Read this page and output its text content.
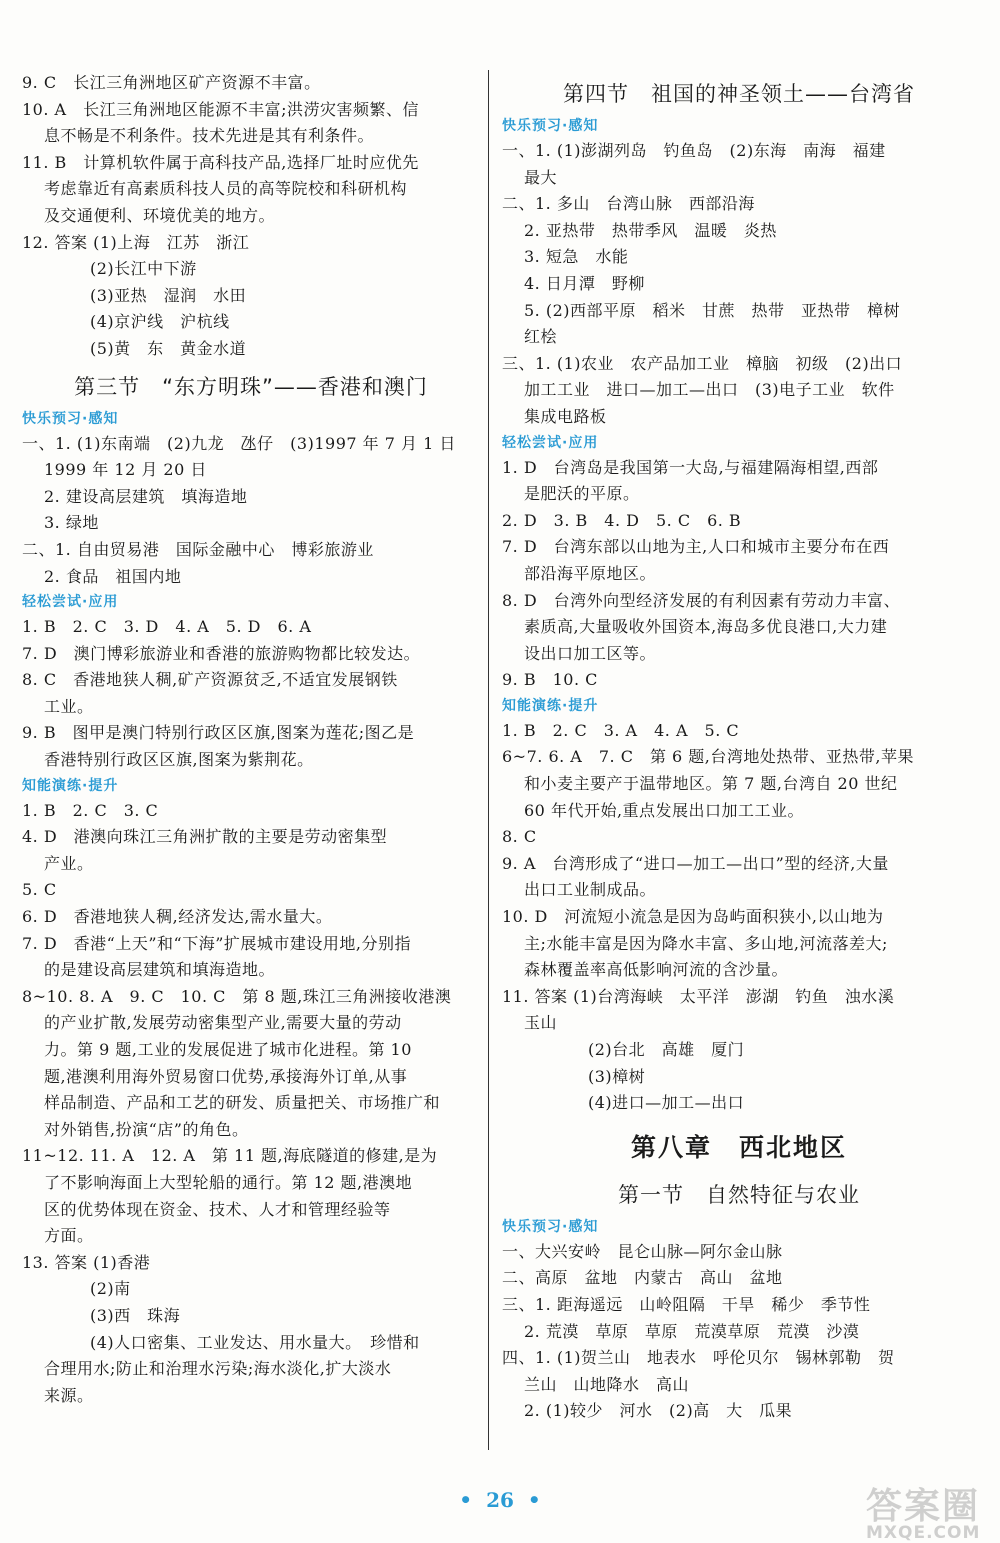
9. C　长江三角洲地区矿产资源不丰富。
10. A　长江三角洲地区能源不丰富;洪涝灾害频繁、信
息不畅是不利条件。技术先进是其有利条件。
11. B　计算机软件属于高科技产品,选择厂址时应优先
考虑靠近有高素质科技人员的高等院校和科研机构
及交通便利、环境优美的地方。
12. 答案 (1)上海　江苏　浙江
(2)长江中下游
(3)亚热　湿润　水田
(4)京沪线　沪杭线
(5)黄　东　黄金水道
第三节　“东方明珠”——香港和澳门
快乐预习·感知
一、1. (1)东南端　(2)九龙　氹仔　(3)1997 年 7 月 1 日
1999 年 12 月 20 日
2. 建设高层建筑　填海造地
3. 绿地
二、1. 自由贸易港　国际金融中心　博彩旅游业
2. 食品　祖国内地
轻松尝试·应用
1. B　2. C　3. D　4. A　5. D　6. A
7. D　澳门博彩旅游业和香港的旅游购物都比较发达。
8. C　香港地狭人稠,矿产资源贫乏,不适宜发展钢铁
工业。
9. B　图甲是澳门特别行政区区旗,图案为莲花;图乙是
香港特别行政区区旗,图案为紫荆花。
知能演练·提升
1. B　2. C　3. C
4. D　港澳向珠江三角洲扩散的主要是劳动密集型
产业。
5. C
6. D　香港地狭人稠,经济发达,需水量大。
7. D　香港“上天”和“下海”扩展城市建设用地,分别指
的是建设高层建筑和填海造地。
8~10. 8. A　9. C　10. C　第 8 题,珠江三角洲接收港澳
的产业扩散,发展劳动密集型产业,需要大量的劳动
力。第 9 题,工业的发展促进了城市化进程。第 10
题,港澳利用海外贸易窗口优势,承接海外订单,从事
样品制造、产品和工艺的研发、质量把关、市场推广和
对外销售,扮演“店”的角色。
11~12. 11. A　12. A　第 11 题,海底隧道的修建,是为
了不影响海面上大型轮船的通行。第 12 题,港澳地
区的优势体现在资金、技术、人才和管理经验等
方面。
13. 答案 (1)香港
(2)南
(3)西　珠海
(4)人口密集、工业发达、用水量大。　珍惜和
合理用水;防止和治理水污染;海水淡化,扩大淡水
来源。
第四节　祖国的神圣领土——台湾省
快乐预习·感知
一、1. (1)澎湖列岛　钓鱼岛　(2)东海　南海　福建
最大
二、1. 多山　台湾山脉　西部沿海
2. 亚热带　热带季风　温暖　炎热
3. 短急　水能
4. 日月潭　野柳
5. (2)西部平原　稻米　甘蔗　热带　亚热带　樟树
红桧
三、1. (1)农业　农产品加工业　樟脑　初级　(2)出口
加工工业　进口—加工—出口　(3)电子工业　软件
集成电路板
轻松尝试·应用
1. D　台湾岛是我国第一大岛,与福建隔海相望,西部
是肥沃的平原。
2. D　3. B　4. D　5. C　6. B
7. D　台湾东部以山地为主,人口和城市主要分布在西
部沿海平原地区。
8. D　台湾外向型经济发展的有利因素有劳动力丰富、
素质高,大量吸收外国资本,海岛多优良港口,大力建
设出口加工区等。
9. B　10. C
知能演练·提升
1. B　2. C　3. A　4. A　5. C
6~7. 6. A　7. C　第 6 题,台湾地处热带、亚热带,苹果
和小麦主要产于温带地区。第 7 题,台湾自 20 世纪
60 年代开始,重点发展出口加工工业。
8. C
9. A　台湾形成了“进口—加工—出口”型的经济,大量
出口工业制成品。
10. D　河流短小流急是因为岛屿面积狭小,以山地为
主;水能丰富是因为降水丰富、多山地,河流落差大;
森林覆盖率高低影响河流的含沙量。
11. 答案 (1)台湾海峡　太平洋　澎湖　钓鱼　浊水溪
玉山
(2)台北　高雄　厦门
(3)樟树
(4)进口—加工—出口
第八章　西北地区
第一节　自然特征与农业
快乐预习·感知
一、大兴安岭　昆仑山脉—阿尔金山脉
二、高原　盆地　内蒙古　高山　盆地
三、1. 距海遥远　山岭阻隔　干旱　稀少　季节性
2. 荒漠　草原　草原　荒漠草原　荒漠　沙漠
四、1. (1)贺兰山　地表水　呼伦贝尔　锡林郭勒　贺
兰山　山地降水　高山
2. (1)较少　河水　(2)高　大　瓜果
• 26 •	答案圈
MXQE.COM
